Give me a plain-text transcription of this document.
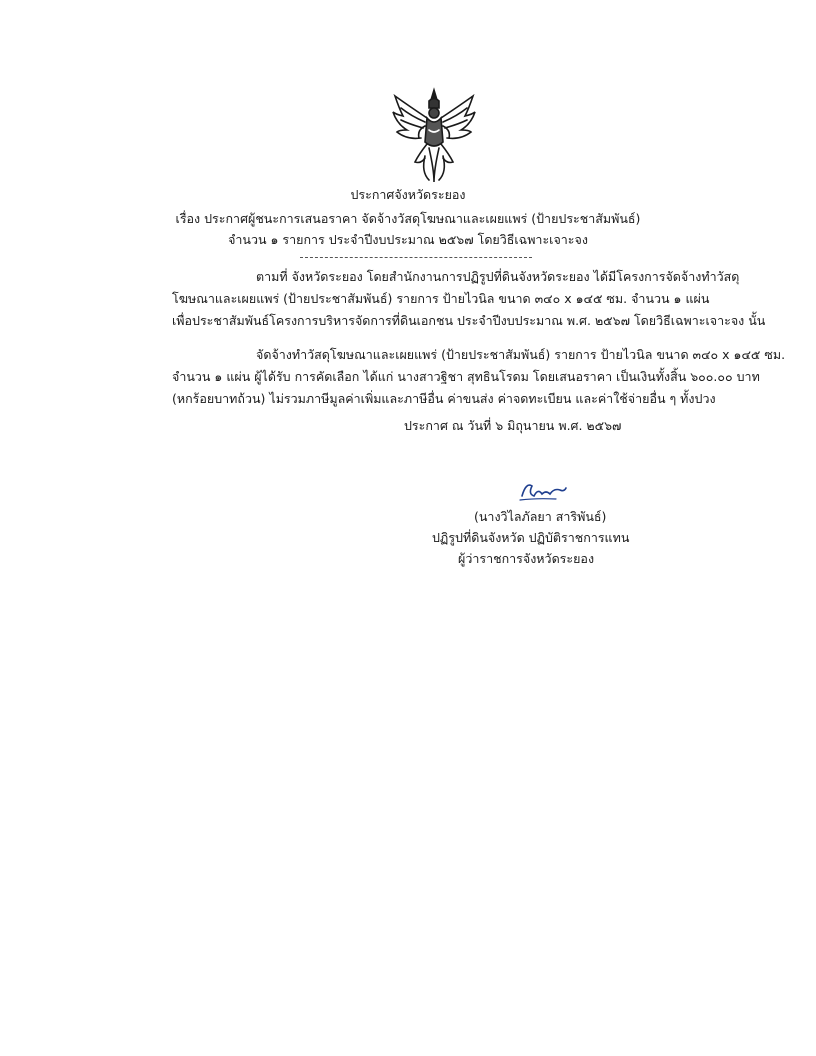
ประกาศจังหวัดระยอง
เรื่อง ประกาศผู้ชนะการเสนอราคา จัดจ้างวัสดุโฆษณาและเผยแพร่ (ป้ายประชาสัมพันธ์)
จำนวน ๑ รายการ ประจำปีงบประมาณ ๒๕๖๗ โดยวิธีเฉพาะเจาะจง
ตามที่ จังหวัดระยอง โดยสำนักงานการปฏิรูปที่ดินจังหวัดระยอง ได้มีโครงการจัดจ้างทำวัสดุ
โฆษณาและเผยแพร่ (ป้ายประชาสัมพันธ์) รายการ ป้ายไวนิล ขนาด ๓๔๐ x ๑๔๕ ซม. จำนวน ๑ แผ่น
เพื่อประชาสัมพันธ์โครงการบริหารจัดการที่ดินเอกชน ประจำปีงบประมาณ พ.ศ. ๒๕๖๗ โดยวิธีเฉพาะเจาะจง นั้น
จัดจ้างทำวัสดุโฆษณาและเผยแพร่ (ป้ายประชาสัมพันธ์) รายการ ป้ายไวนิล ขนาด ๓๔๐ x ๑๔๕ ซม.
จำนวน ๑ แผ่น ผู้ได้รับ การคัดเลือก ได้แก่ นางสาวฐิชา สุทธินโรดม โดยเสนอราคา เป็นเงินทั้งสิ้น ๖๐๐.๐๐ บาท
(หกร้อยบาทถ้วน) ไม่รวมภาษีมูลค่าเพิ่มและภาษีอื่น ค่าขนส่ง ค่าจดทะเบียน และค่าใช้จ่ายอื่น ๆ ทั้งปวง
ประกาศ ณ วันที่ ๖ มิถุนายน พ.ศ. ๒๕๖๗
(นางวิไลภัลยา สาริพันธ์)
ปฏิรูปที่ดินจังหวัด ปฏิบัติราชการแทน
ผู้ว่าราชการจังหวัดระยอง
